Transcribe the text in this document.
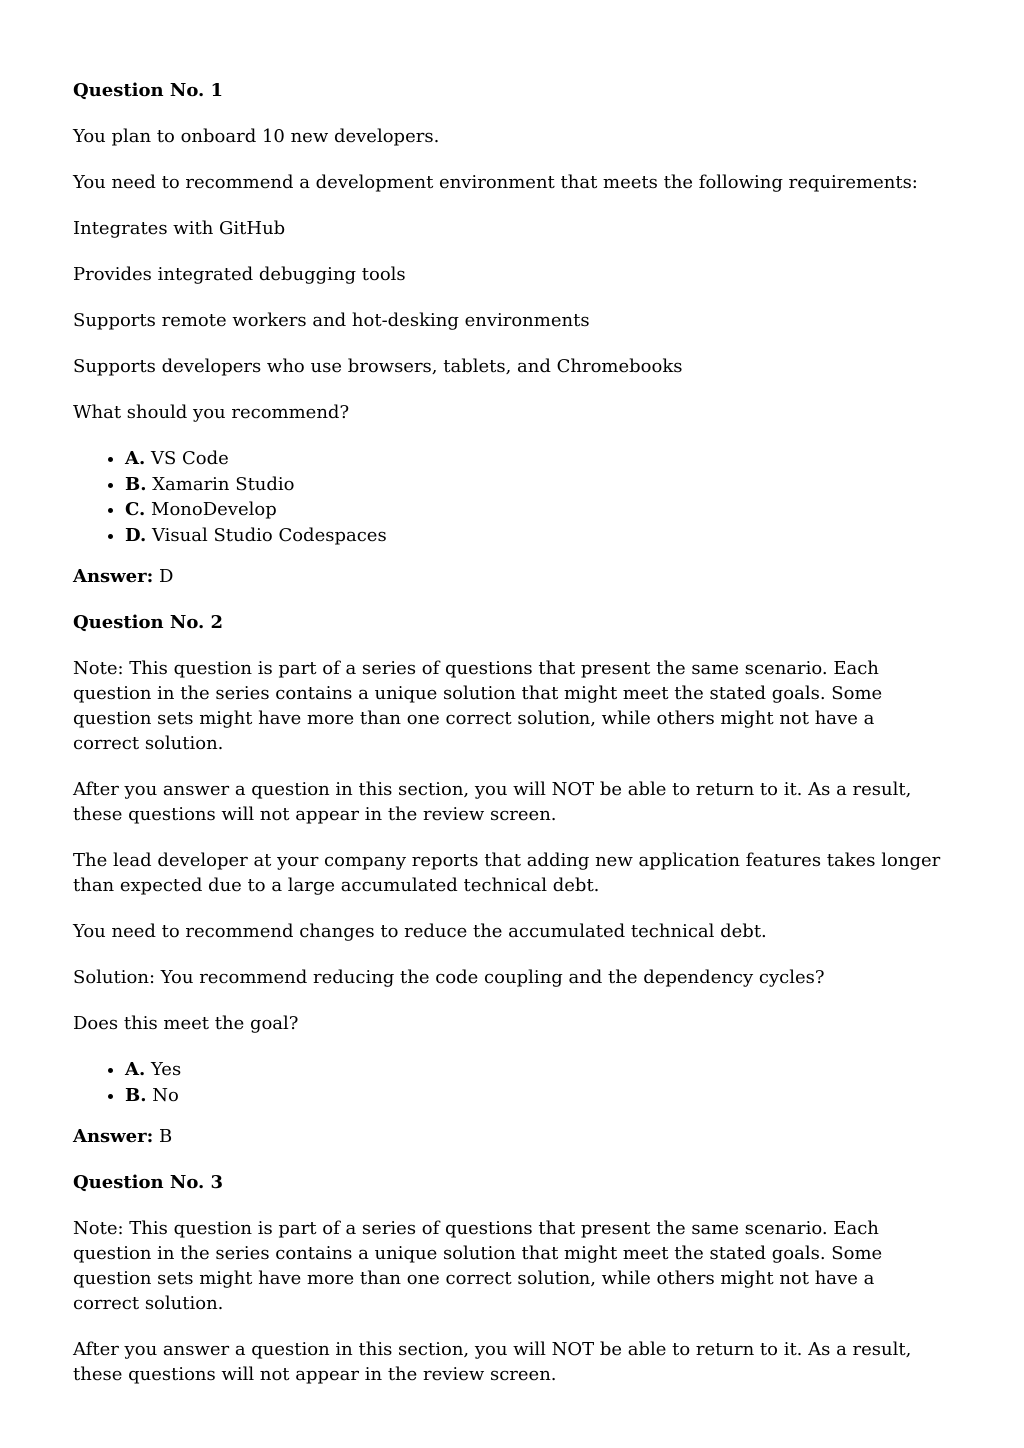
Question No. 1

You plan to onboard 10 new developers.

You need to recommend a development environment that meets the following requirements:

Integrates with GitHub

Provides integrated debugging tools

Supports remote workers and hot-desking environments

Supports developers who use browsers, tablets, and Chromebooks

What should you recommend?

• A. VS Code
• B. Xamarin Studio
• C. MonoDevelop
• D. Visual Studio Codespaces

Answer: D

Question No. 2

Note: This question is part of a series of questions that present the same scenario. Each question in the series contains a unique solution that might meet the stated goals. Some question sets might have more than one correct solution, while others might not have a correct solution.

After you answer a question in this section, you will NOT be able to return to it. As a result, these questions will not appear in the review screen.

The lead developer at your company reports that adding new application features takes longer than expected due to a large accumulated technical debt.

You need to recommend changes to reduce the accumulated technical debt.

Solution: You recommend reducing the code coupling and the dependency cycles?

Does this meet the goal?

• A. Yes
• B. No

Answer: B

Question No. 3

Note: This question is part of a series of questions that present the same scenario. Each question in the series contains a unique solution that might meet the stated goals. Some question sets might have more than one correct solution, while others might not have a correct solution.

After you answer a question in this section, you will NOT be able to return to it. As a result, these questions will not appear in the review screen.
